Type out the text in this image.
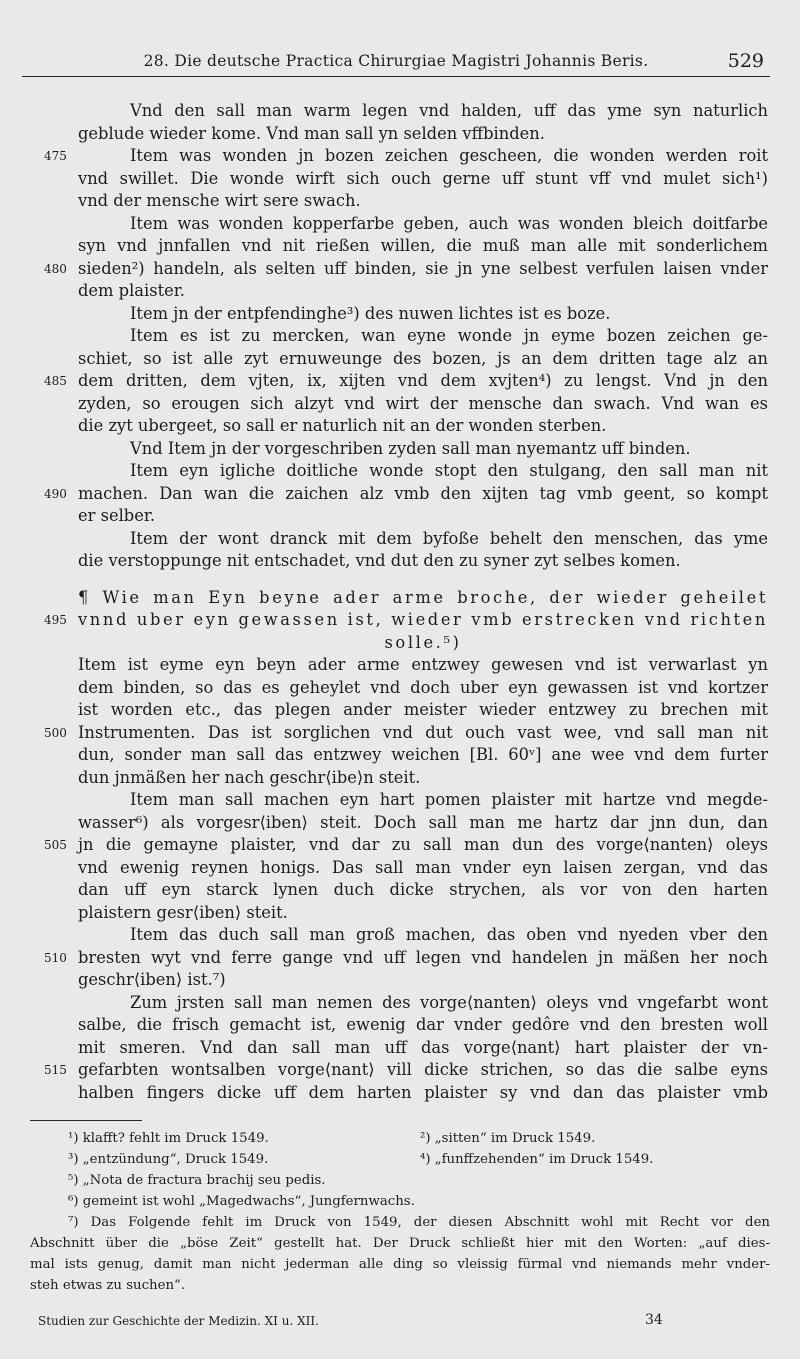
28. Die deutsche Practica Chirurgiae Magistri Johannis Beris.	529
Vnd den sall man warm legen vnd halden, uff das yme syn naturlich
geblude wieder kome. Vnd man sall yn selden vffbinden.
475	Item was wonden jn bozen zeichen gescheen, die wonden werden roit
vnd swillet. Die wonde wirft sich ouch gerne uff stunt vff vnd mulet sich¹)
vnd der mensche wirt sere swach.
Item was wonden kopperfarbe geben, auch was wonden bleich doitfarbe
syn vnd jnnfallen vnd nit rießen willen, die muß man alle mit sonderlichem
480 sieden²) handeln, als selten uff binden, sie jn yne selbest verfulen laisen vnder
dem plaister.
Item jn der entpfendinghe³) des nuwen lichtes ist es boze.
Item es ist zu mercken, wan eyne wonde jn eyme bozen zeichen ge-
schiet, so ist alle zyt ernuweunge des bozen, js an dem dritten tage alz an
485 dem dritten, dem vjten, ix, xijten vnd dem xvjten⁴) zu lengst. Vnd jn den
zyden, so erougen sich alzyt vnd wirt der mensche dan swach. Vnd wan es
die zyt ubergeet, so sall er naturlich nit an der wonden sterben.
Vnd Item jn der vorgeschriben zyden sall man nyemantz uff binden.
Item eyn igliche doitliche wonde stopt den stulgang, den sall man nit
490 machen. Dan wan die zaichen alz vmb den xijten tag vmb geent, so kompt
er selber.
Item der wont dranck mit dem byfoße behelt den menschen, das yme
die verstoppunge nit entschadet, vnd dut den zu syner zyt selbes komen.
¶ Wie man Eyn beyne ader arme broche, der wieder geheilet
495 vnnd uber eyn gewassen ist, wieder vmb erstrecken vnd richten
solle.⁵)
Item ist eyme eyn beyn ader arme entzwey gewesen vnd ist verwarlast yn
dem binden, so das es geheylet vnd doch uber eyn gewassen ist vnd kortzer
ist worden etc., das plegen ander meister wieder entzwey zu brechen mit
500 Instrumenten. Das ist sorglichen vnd dut ouch vast wee, vnd sall man nit
dun, sonder man sall das entzwey weichen [Bl. 60ᵛ] ane wee vnd dem furter
dun jnmäßen her nach geschr⟨ibe⟩n steit.
Item man sall machen eyn hart pomen plaister mit hartze vnd megde-
wasser⁶) als vorgesr⟨iben⟩ steit. Doch sall man me hartz dar jnn dun, dan
505 jn die gemayne plaister, vnd dar zu sall man dun des vorge⟨nanten⟩ oleys
vnd ewenig reynen honigs. Das sall man vnder eyn laisen zergan, vnd das
dan uff eyn starck lynen duch dicke strychen, als vor von den harten
plaistern gesr⟨iben⟩ steit.
Item das duch sall man groß machen, das oben vnd nyeden vber den
510 bresten wyt vnd ferre gange vnd uff legen vnd handelen jn mäßen her noch
geschr⟨iben⟩ ist.⁷)
Zum jrsten sall man nemen des vorge⟨nanten⟩ oleys vnd vngefarbt wont
salbe, die frisch gemacht ist, ewenig dar vnder gedôre vnd den bresten woll
mit smeren. Vnd dan sall man uff das vorge⟨nant⟩ hart plaister der vn-
515 gefarbten wontsalben vorge⟨nant⟩ vill dicke strichen, so das die salbe eyns
halben fingers dicke uff dem harten plaister sy vnd dan das plaister vmb
¹) klafft? fehlt im Druck 1549.	²) „sitten“ im Druck 1549.
³) „entzündung“, Druck 1549.	⁴) „funffzehenden“ im Druck 1549.
⁵) „Nota de fractura brachij seu pedis.
⁶) gemeint ist wohl „Magedwachs“, Jungfernwachs.
⁷) Das Folgende fehlt im Druck von 1549, der diesen Abschnitt wohl mit Recht vor den
Abschnitt über die „böse Zeit“ gestellt hat. Der Druck schließt hier mit den Worten: „auf dies-
mal ists genug, damit man nicht jederman alle ding so vleissig fürmal vnd niemands mehr vnder-
steh etwas zu suchen“.
Studien zur Geschichte der Medizin. XI u. XII.	34
